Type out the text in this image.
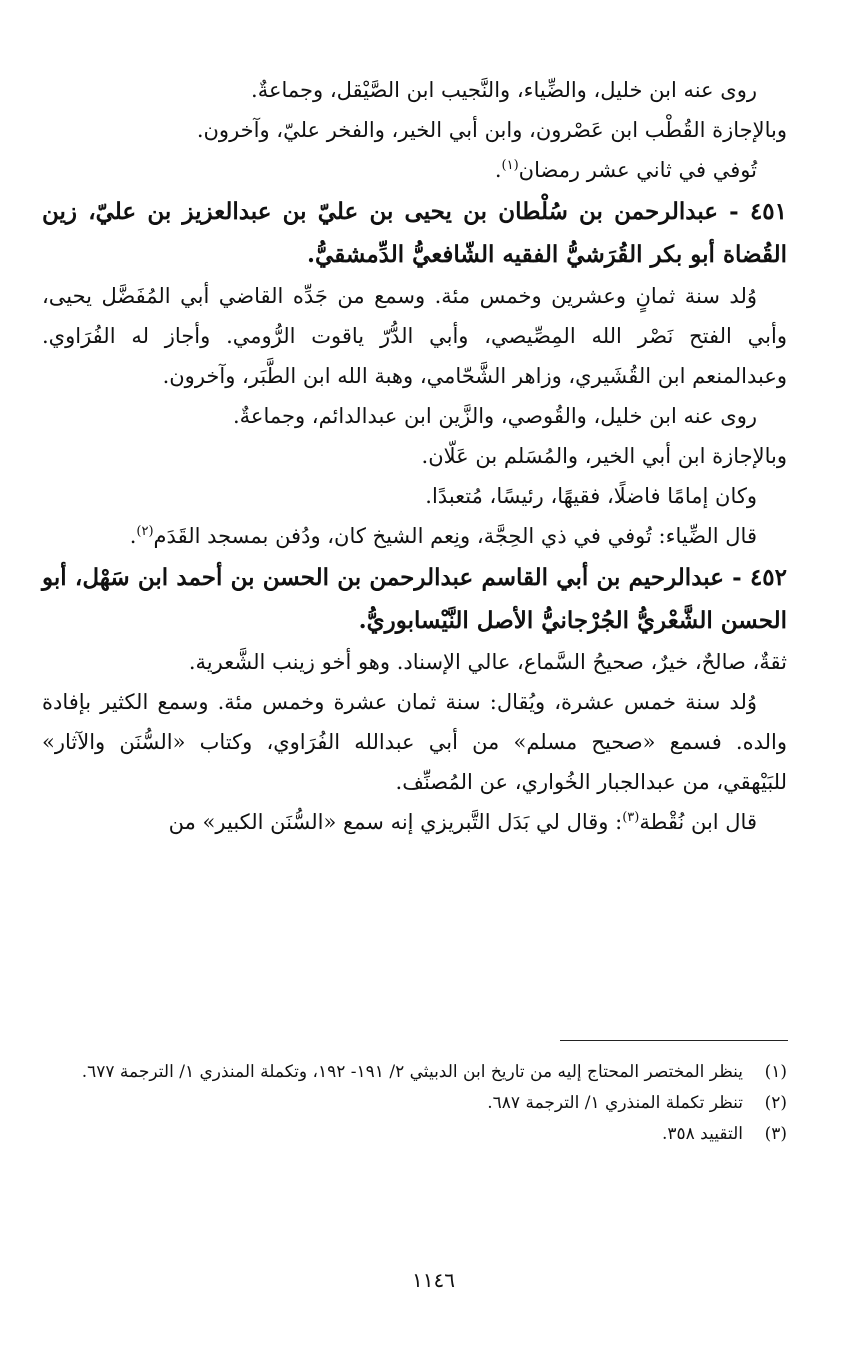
روى عنه ابن خليل، والضِّياء، والنَّجيب ابن الصَّيْقل، وجماعةٌ.

وبالإجازة القُطْب ابن عَصْرون، وابن أبي الخير، والفخر عليّ، وآخرون.

تُوفي في ثاني عشر رمضان$^{(١)}$.

٤٥١ - عبدالرحمن بن سُلْطان بن يحيى بن عليّ بن عبدالعزيز بن عليّ، زين القُضاة أبو بكر القُرَشيُّ الفقيه الشّافعيُّ الدِّمشقيُّ.

وُلد سنة ثمانٍ وعشرين وخمس مئة. وسمع من جَدِّه القاضي أبي المُفَضَّل يحيى، وأبي الفتح نَصْر الله المِصِّيصي، وأبي الدُّرّ ياقوت الرُّومي. وأجاز له الفُرَاوي. وعبدالمنعم ابن القُشَيري، وزاهر الشَّحّامي، وهبة الله ابن الطَّبَر، وآخرون.

روى عنه ابن خليل، والقُوصي، والزَّين ابن عبدالدائم، وجماعةٌ.

وبالإجازة ابن أبي الخير، والمُسَلم بن عَلّان.

وكان إمامًا فاضلًا، فقيهًا، رئيسًا، مُتعبدًا.

قال الضِّياء: تُوفي في ذي الحِجَّة، ونِعم الشيخ كان، ودُفن بمسجد القَدَم$^{(٢)}$.

٤٥٢ - عبدالرحيم بن أبي القاسم عبدالرحمن بن الحسن بن أحمد ابن سَهْل، أبو الحسن الشَّعْريُّ الجُرْجانيُّ الأصل النَّيْسابوريُّ.

ثقةٌ، صالحٌ، خيرٌ، صحيحُ السَّماع، عالي الإسناد. وهو أخو زينب الشَّعرية.

وُلد سنة خمس عشرة، ويُقال: سنة ثمان عشرة وخمس مئة. وسمع الكثير بإفادة والده. فسمع «صحيح مسلم» من أبي عبدالله الفُرَاوي، وكتاب «السُّنَن والآثار» للبَيْهقي، من عبدالجبار الخُواري، عن المُصنِّف.

قال ابن نُقْطة$^{(٣)}$: وقال لي بَدَل التَّبريزي إنه سمع «السُّنَن الكبير» من

(١)
ينظر المختصر المحتاج إليه من تاريخ ابن الدبيثي ٢/ ١٩١- ١٩٢، وتكملة المنذري ١/ الترجمة ٦٧٧.
(٢)
تنظر تكملة المنذري ١/ الترجمة ٦٨٧.
(٣)
التقييد ٣٥٨.
١١٤٦
